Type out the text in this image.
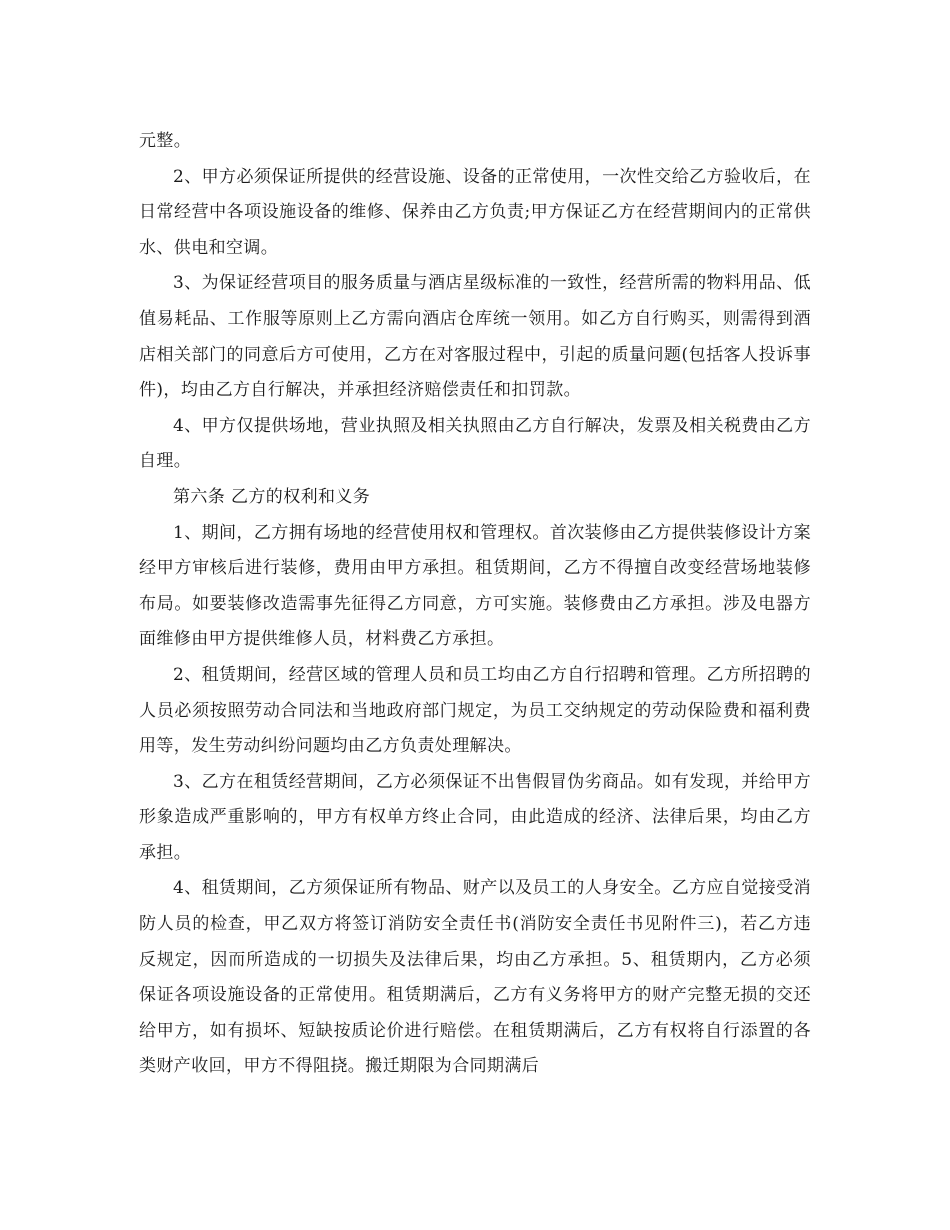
元整。

2、甲方必须保证所提供的经营设施、设备的正常使用，一次性交给乙方验收后，在日常经营中各项设施设备的维修、保养由乙方负责;甲方保证乙方在经营期间内的正常供水、供电和空调。

3、为保证经营项目的服务质量与酒店星级标准的一致性，经营所需的物料用品、低值易耗品、工作服等原则上乙方需向酒店仓库统一领用。如乙方自行购买，则需得到酒店相关部门的同意后方可使用，乙方在对客服过程中，引起的质量问题(包括客人投诉事件)，均由乙方自行解决，并承担经济赔偿责任和扣罚款。

4、甲方仅提供场地，营业执照及相关执照由乙方自行解决，发票及相关税费由乙方自理。

第六条 乙方的权利和义务

1、期间，乙方拥有场地的经营使用权和管理权。首次装修由乙方提供装修设计方案经甲方审核后进行装修，费用由甲方承担。租赁期间，乙方不得擅自改变经营场地装修布局。如要装修改造需事先征得乙方同意，方可实施。装修费由乙方承担。涉及电器方面维修由甲方提供维修人员，材料费乙方承担。

2、租赁期间，经营区域的管理人员和员工均由乙方自行招聘和管理。乙方所招聘的人员必须按照劳动合同法和当地政府部门规定，为员工交纳规定的劳动保险费和福利费用等，发生劳动纠纷问题均由乙方负责处理解决。

3、乙方在租赁经营期间，乙方必须保证不出售假冒伪劣商品。如有发现，并给甲方形象造成严重影响的，甲方有权单方终止合同，由此造成的经济、法律后果，均由乙方承担。

4、租赁期间，乙方须保证所有物品、财产以及员工的人身安全。乙方应自觉接受消防人员的检查，甲乙双方将签订消防安全责任书(消防安全责任书见附件三)，若乙方违反规定，因而所造成的一切损失及法律后果，均由乙方承担。5、租赁期内，乙方必须保证各项设施设备的正常使用。租赁期满后，乙方有义务将甲方的财产完整无损的交还给甲方，如有损坏、短缺按质论价进行赔偿。在租赁期满后，乙方有权将自行添置的各类财产收回，甲方不得阻挠。搬迁期限为合同期满后
